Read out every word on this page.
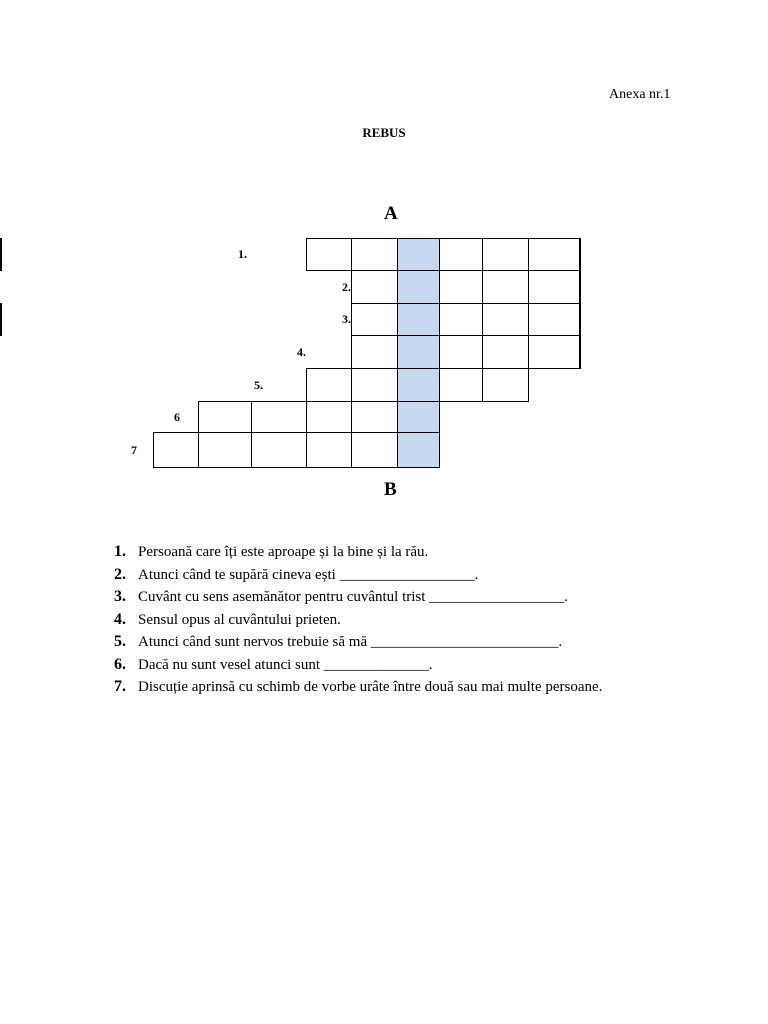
Anexa nr.1
REBUS
A
B
1.
2.
3.
4.
5.
6
7
1. Persoană care îți este aproape și la bine și la rău.
2. Atunci când te supără cineva ești __________________.
3. Cuvânt cu sens asemănător pentru cuvântul trist __________________.
4. Sensul opus al cuvântului prieten.
5. Atunci când sunt nervos trebuie să mă _________________________.
6. Dacă nu sunt vesel atunci sunt ______________.
7. Discuție aprinsă cu schimb de vorbe urâte între două sau mai multe persoane.
